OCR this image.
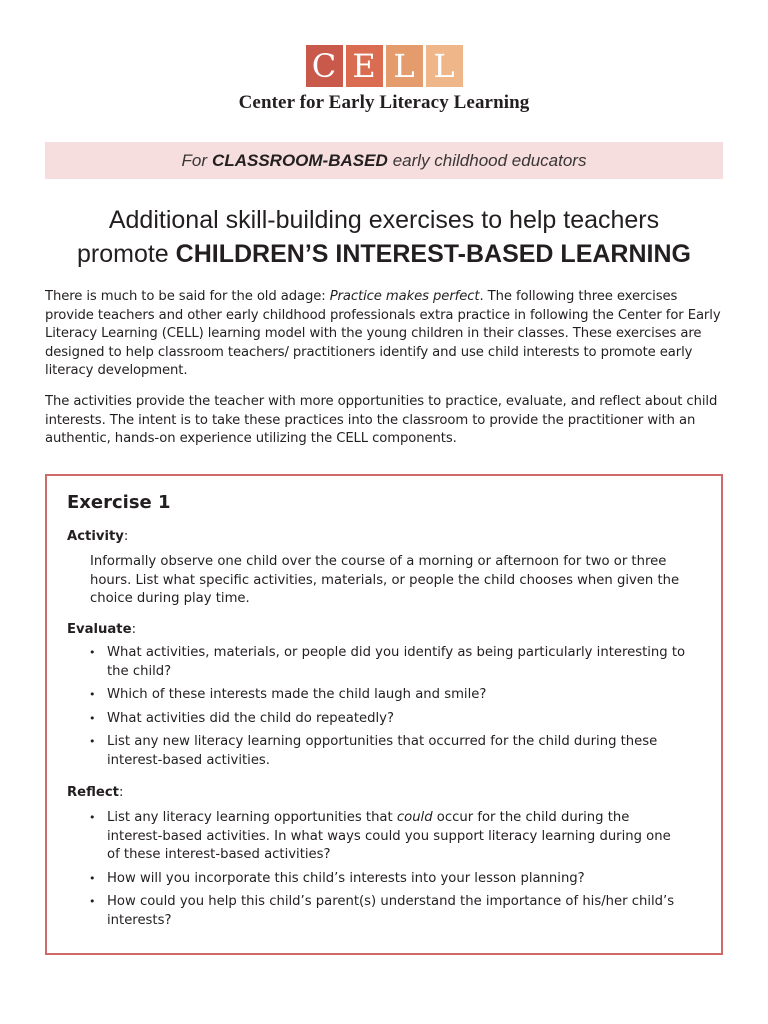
C E L L
Center for Early Literacy Learning
For CLASSROOM-BASED early childhood educators
Additional skill-building exercises to help teachers
promote CHILDREN’S INTEREST-BASED LEARNING

There is much to be said for the old adage: Practice makes perfect. The following three exercises provide teachers and other early childhood professionals extra practice in following the Center for Early Literacy Learning (CELL) learning model with the young children in their classes. These exercises are designed to help classroom teachers/ practitioners identify and use child interests to promote early literacy development.

The activities provide the teacher with more opportunities to practice, evaluate, and reflect about child interests. The intent is to take these practices into the classroom to provide the practitioner with an authentic, hands-on experience utilizing the CELL components.

Exercise 1
Activity:
Informally observe one child over the course of a morning or afternoon for two or three hours. List what specific activities, materials, or people the child chooses when given the choice during play time.
Evaluate:
• What activities, materials, or people did you identify as being particularly interesting to the child?
• Which of these interests made the child laugh and smile?
• What activities did the child do repeatedly?
• List any new literacy learning opportunities that occurred for the child during these interest-based activities.
Reflect:
• List any literacy learning opportunities that could occur for the child during the interest-based activities. In what ways could you support literacy learning during one of these interest-based activities?
• How will you incorporate this child’s interests into your lesson planning?
• How could you help this child’s parent(s) understand the importance of his/her child’s interests?
